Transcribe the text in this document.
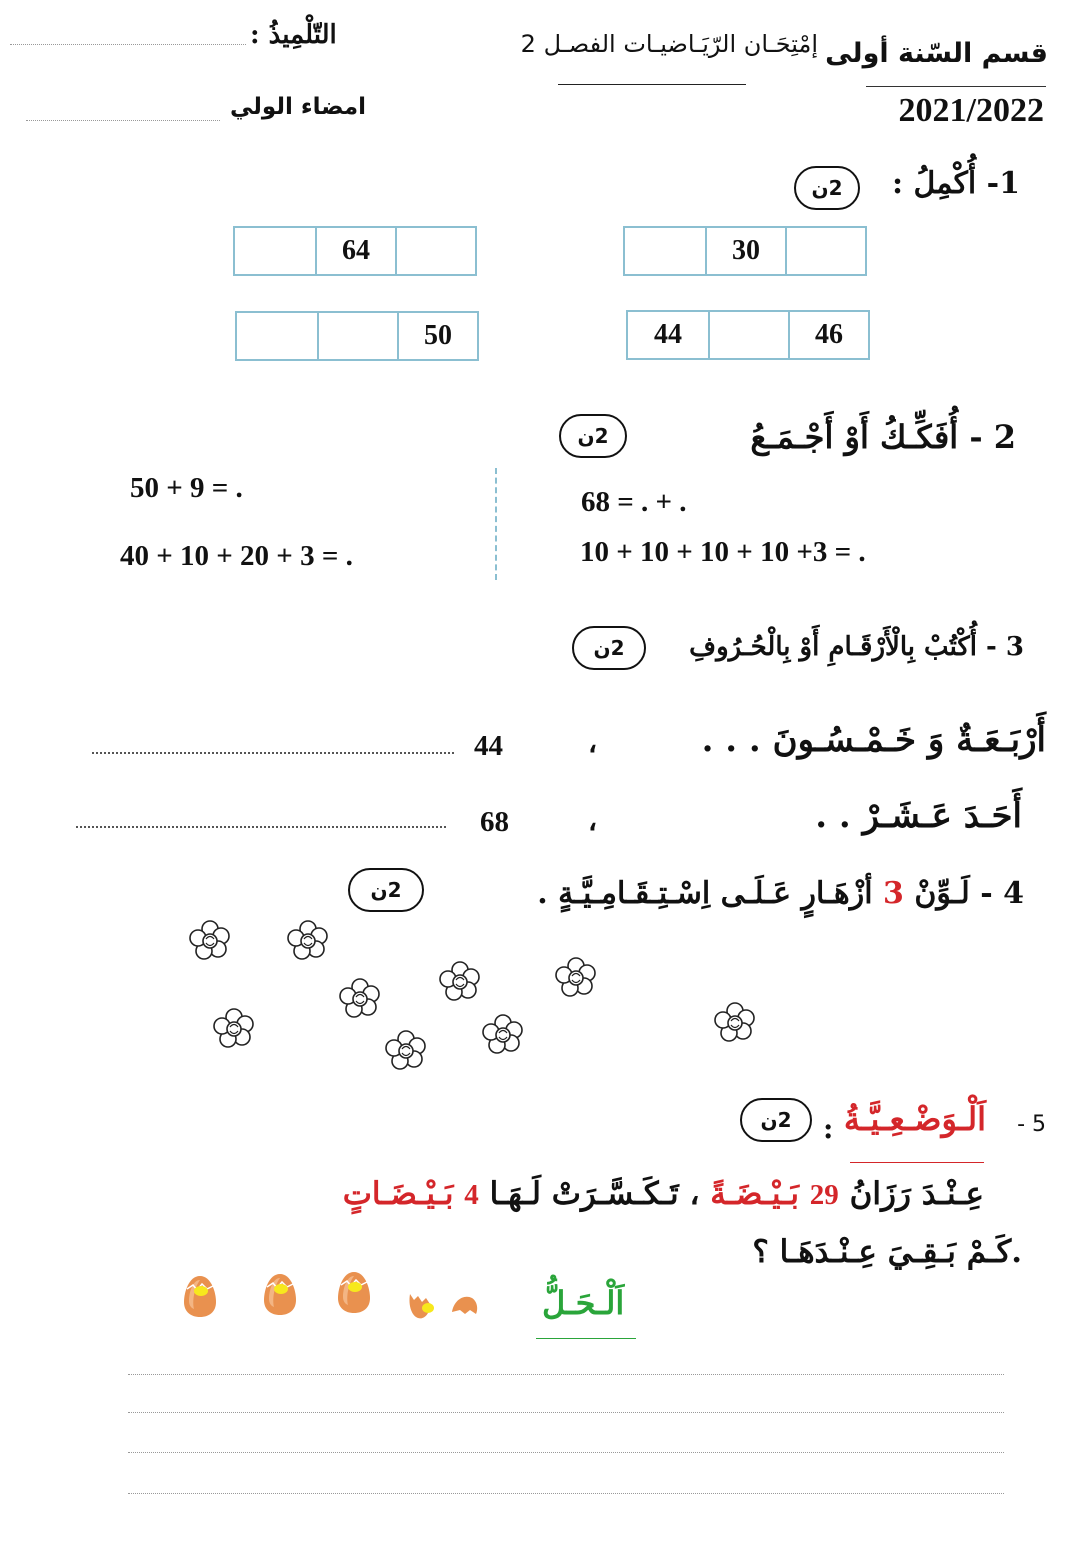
قسم السّنة أولى
2021/2022
إمْتِحَـان الرّيَـاضيـات الفصـل 2
التّلْمِيذُ :
امضاء الولي
1- أُكْمِلُ :
2ن
30
64
44	46
50
2 - أُفَكِّـكُ أَوْ أَجْـمَـعُ
2ن
68 = . + .
10 + 10 + 10 + 10 +3 = .
50 + 9 = .
40 + 10 + 20 + 3 = .
3 - أُكْتُبْ بِالْأَرْقَـامِ أَوْ بِالْحُـرُوفِ
2ن
أَرْبَـعَـةٌ وَ خَـمْـسُـونَ . . .
،
44
أَحَـدَ عَـشَـرْ . .
،
68
4 - لَـوِّنْ 3 أزْهَـارٍ عَـلَـى اِسْـتِـقَـامِـيَّـةٍ .
2ن
5 -
اَلْـوَضْـعِـيَّـةُ
:
2ن
عِـنْـدَ رَزَانُ 29 بَـيْـضَـةً ، تَـكَـسَّـرَتْ لَـهَـا 4 بَـيْـضَـاتٍ
.كَـمْ بَـقِـيَ عِـنْـدَهَـا ؟
اَلْـحَـلُّ
